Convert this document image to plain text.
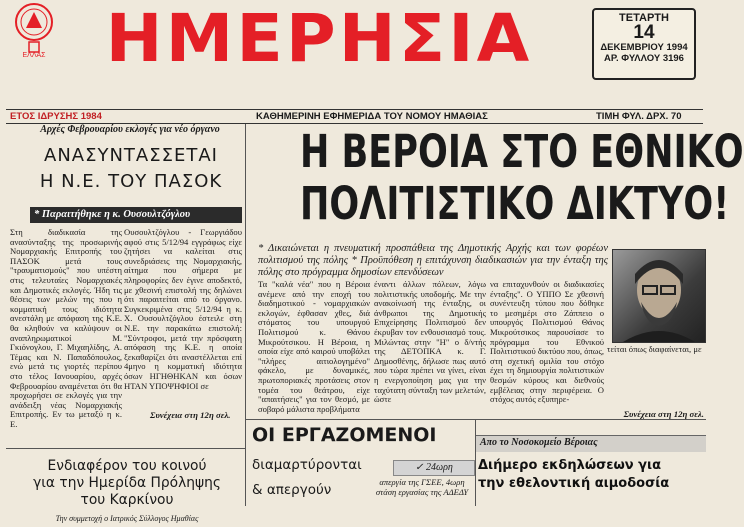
ΕΛΛΑΣ ΗΜΕΡΗΣΙΑ	ΤΕΤΑΡΤΗ
14
ΔΕΚΕΜΒΡΙΟΥ 1994
ΑΡ. ΦΥΛΛΟΥ 3196
ΕΤΟΣ ΙΔΡΥΣΗΣ 1984	ΚΑΘΗΜΕΡΙΝΗ ΕΦΗΜΕΡΙΔΑ ΤΟΥ ΝΟΜΟΥ ΗΜΑΘΙΑΣ	ΤΙΜΗ ΦΥΛ. ΔΡΧ. 70
Αρχές Φεβρουαρίου εκλογές για νέο όργανο
ΑΝΑΣΥΝΤΑΣΣΕΤΑΙ
Η Ν.Ε. ΤΟΥ ΠΑΣΟΚ
* Παραιτήθηκε η κ. Ουσουλτζόγλου
Στη διαδικασία της ανασύνταξης της προσωρινής Νομαρχιακής Επιτροπής του ΠΑΣΟΚ μετά τους "τραυματισμούς" που υπέστη στις τελευταίες Νομαρχιακές και Δημοτικές εκλογές. Ήδη τις θέσεις των μελών της που η κομματική τους ιδιότητα ανεστάλη με απόφαση της Κ.Ε. θα κληθούν να καλύψουν οι αναπληρωματικοί Μ. Γκιόνογλου, Γ. Μιχαηλίδης, Α. Τέμας και Ν. Παπαδόπουλος, ενώ μετά τις γιορτές περίπου στο τέλος Ιανουαρίου, αρχές Φεβρουαρίου αναμένεται ότι θα προχωρήσει σε εκλογές για την ανάδειξη νέας Νομαρχιακής Επιτροπής. Εν τω μεταξύ η κ. Ε.
Ουσουλτζόγλου - Γεωργιάδου αφού στις 5/12/94 εγγράφως είχε ζητήσει να καλείται στις συνεδριάσεις της Νομαρχιακής, αίτημα που σήμερα με πληροφορίες δεν έγινε αποδεκτό, με χθεσινή επιστολή της δηλώνει ότι παραιτείται από το όργανο. Συγκεκριμένα στις 5/12/94 η κ. Χ. Ουσουλτζόγλου έστειλε στη Ν.Ε. την παρακάτω επιστολή: "Σύντροφοι, μετά την πρόσφατη απόφαση της Κ.Ε. η οποία ξεκαθαρίζει ότι αναστέλλεται επί 4μηνο η κομματική ιδιότητα όσων ΗΓΗΘΗΚΑΝ και όσων ΗΤΑΝ ΥΠΟΨΗΦΙΟΙ σε
Συνέχεια στη 12η σελ.
Η ΒΕΡΟΙΑ ΣΤΟ ΕΘΝΙΚΟ
ΠΟΛΙΤΙΣΤΙΚΟ ΔΙΚΤΥΟ!
* Δικαιώνεται η πνευματική προσπάθεια της Δημοτικής Αρχής και των φορέων πολιτισμού της πόλης * Προϋπόθεση η επιτάχυνση διαδικασιών για την ένταξη της πόλης στο πρόγραμμα δημοσίων επενδύσεων
Τα "καλά νέα" που η Βέροια ανέμενε από την εποχή του διαδημοτικού - νομαρχιακών εκλογών, έφθασαν χθες, διά στόματος του υπουργού Πολιτισμού κ. Θάνου Μικρούτσικου. Η Βέροια, η οποία είχε από καιρού υποβάλει "πλήρες αιτιολογημένο" φάκελο, με δυναμικές, πρωτοποριακές προτάσεις στον τομέα του θεάτρου, είχε "απαιτήσεις" για τον θεσμό, με σοβαρό μάλιστα προβλήματα
έναντι άλλων πόλεων, λόγω πολιτιστικής υποδομής. Με την ανακοίνωσή της ένταξης, οι άνθρωποι της Δημοτικής Επιχείρησης Πολιτισμού δεν έκρυβαν τον ενθουσιασμό τους. Μιλώντας στην "Η" ο δ/ντής της ΔΕΤΟΠΚΑ κ. Γ. Δημοσθένης, δήλωσε πως αυτό που τώρα πρέπει να γίνει, είναι η ενεργοποίηση μας για την ταχύτατη σύνταξη των μελετών, ώστε
να επιταχυνθούν οι διαδικασίες ένταξης". Ο ΥΠΠΟ Σε χθεσινή συνέντευξη τύπου που δόθηκε το μεσημέρι στο Ζάππειο ο υπουργός Πολιτισμού Θάνος Μικρούτσικος παρουσίασε το πρόγραμμα του Εθνικού Πολιτιστικού δικτύου που, όπως, στη σχετική ομιλία του στόχο έχει τη δημιουργία πολιτιστικών θεσμών κύρους και διεθνούς εμβέλειας στην περιφέρεια. Ο στόχος αυτός εξυπηρε-
τείται όπως διαφαίνεται, με
Συνέχεια στη 12η σελ.
Ενδιαφέρον του κοινού
για την Ημερίδα Πρόληψης
του Καρκίνου
Την συμμετοχή ο Ιατρικός Σύλλογος Ημαθίας
ΟΙ ΕΡΓΑΖΟΜΕΝΟΙ
διαμαρτύρονται
& απεργούν
✓ 24ωρη
απεργία της ΓΣΕΕ, 4ωρη στάση εργασίας της ΑΔΕΔΥ
Απο το Νοσοκομείο Βέροιας
Διήμερο εκδηλώσεων για
την εθελοντική αιμοδοσία
